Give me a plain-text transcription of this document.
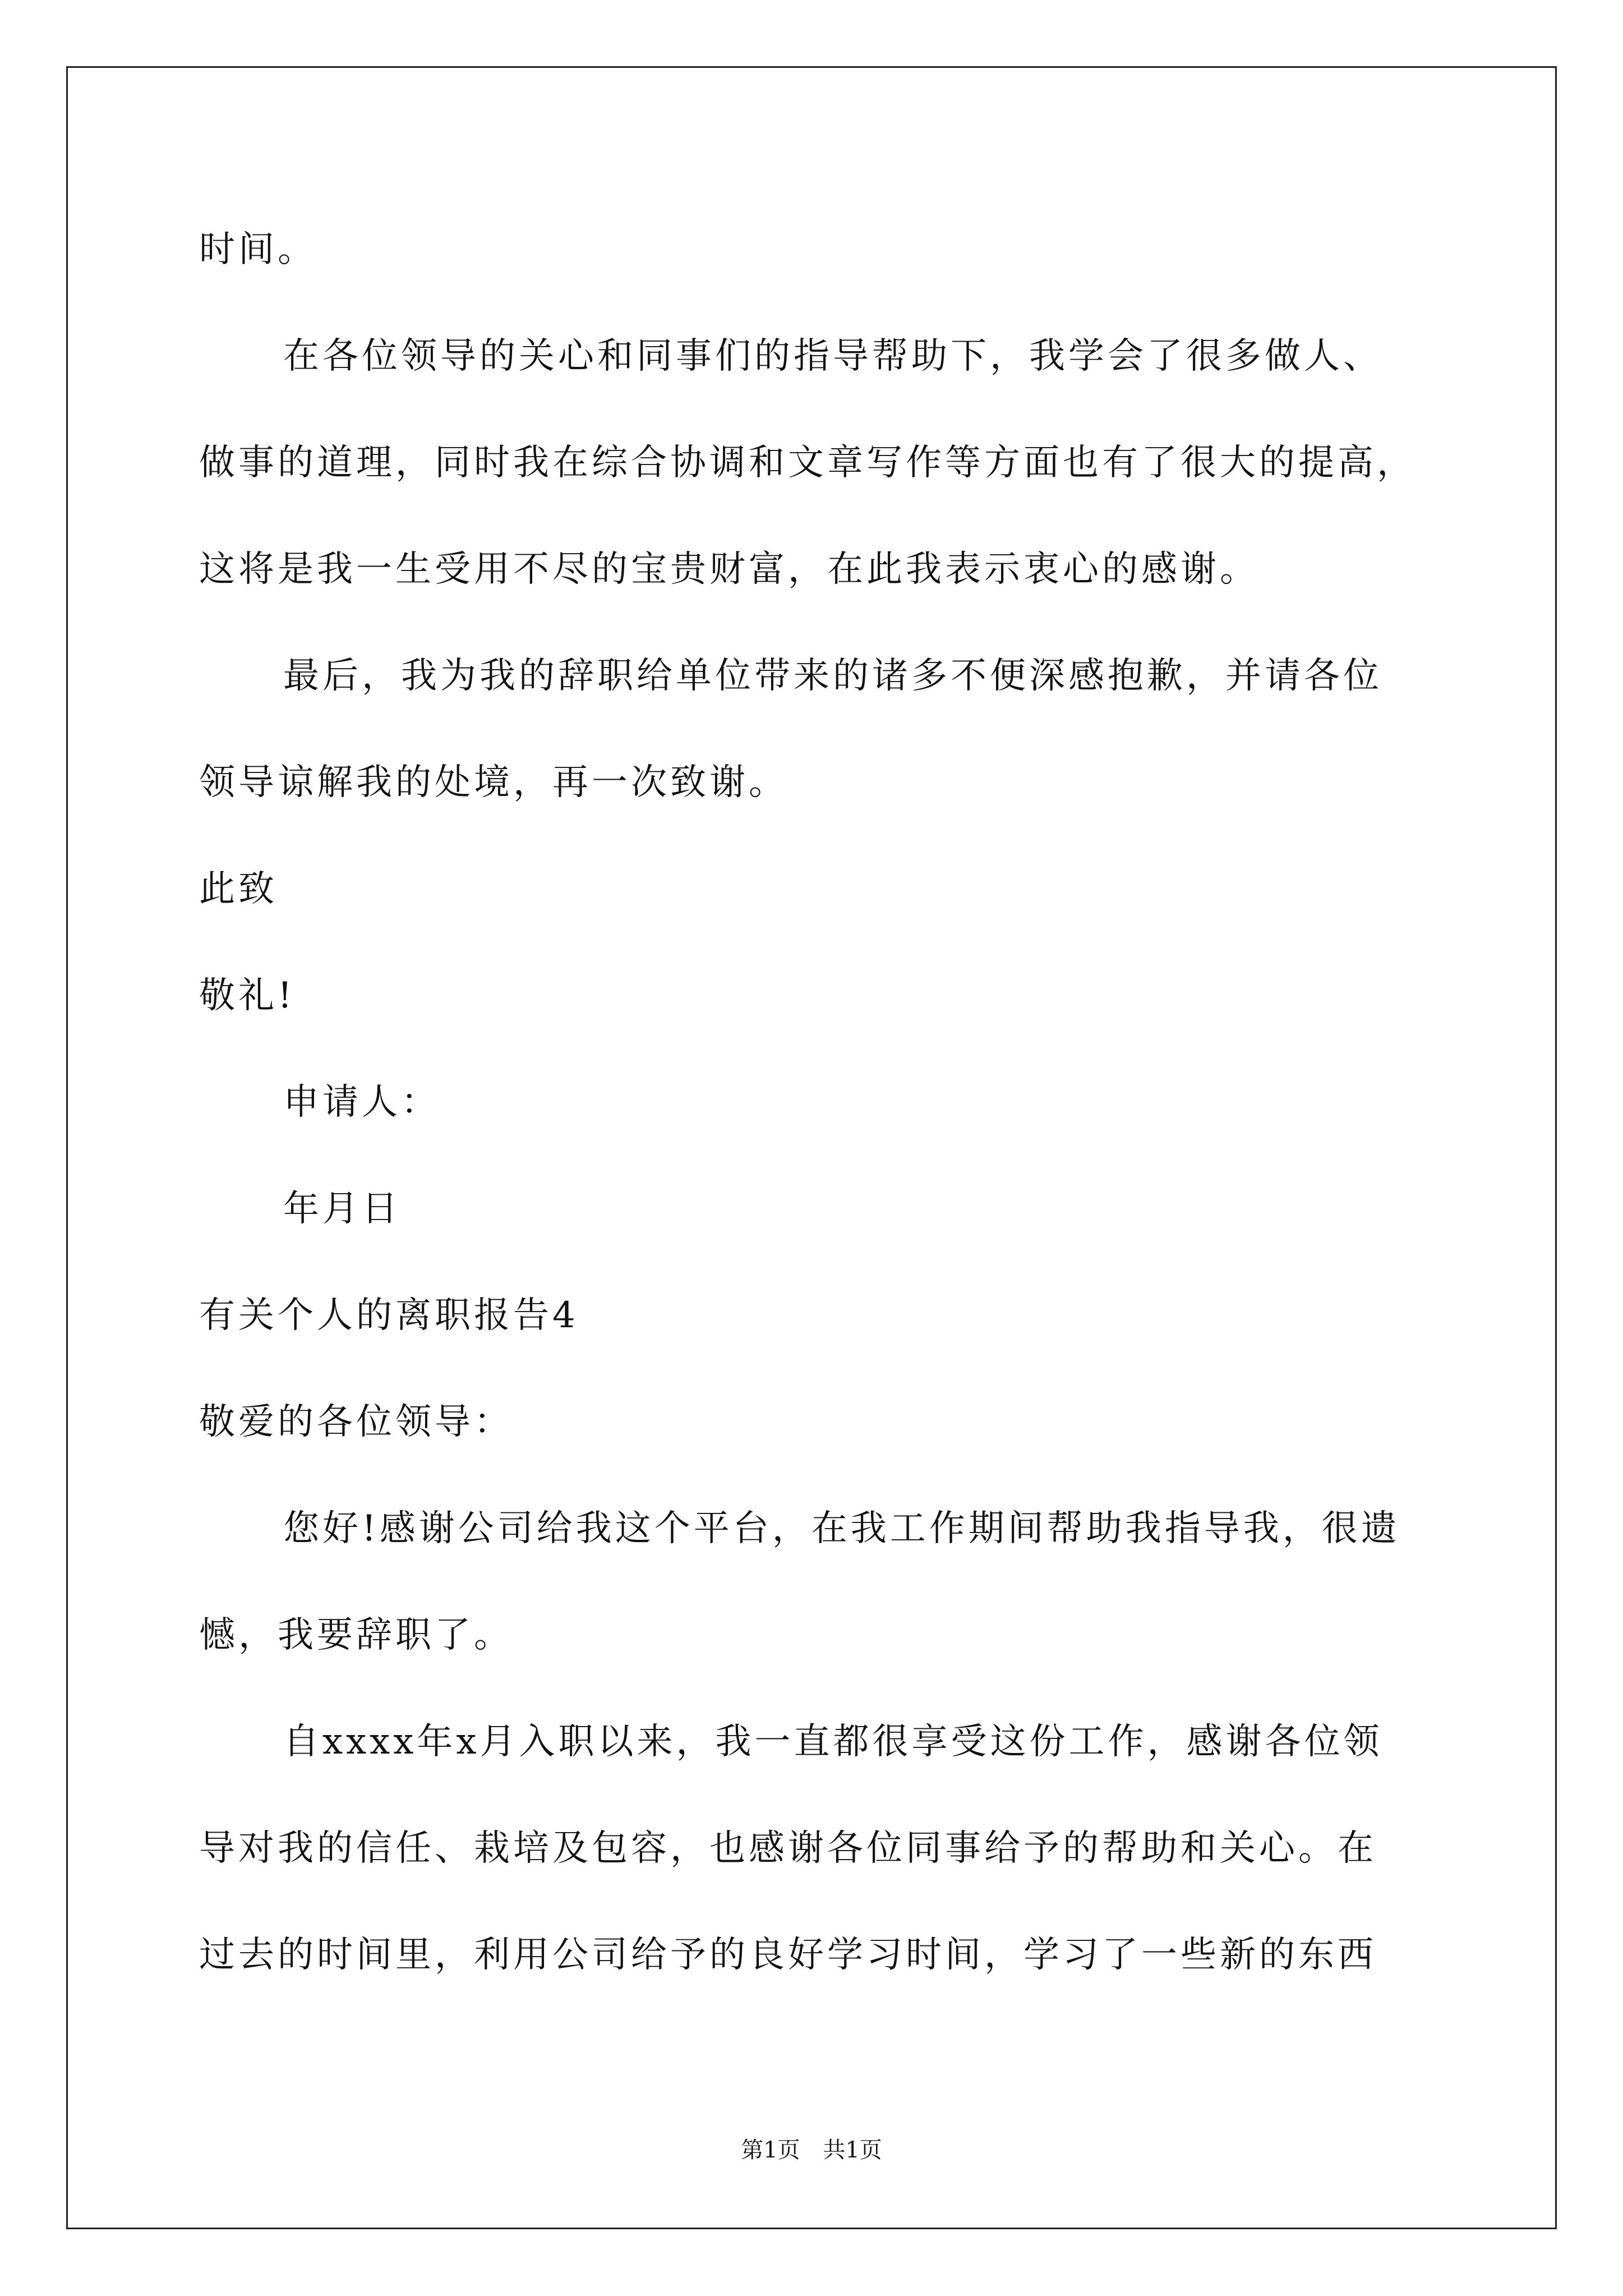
时间。
在各位领导的关心和同事们的指导帮助下，我学会了很多做人、
做事的道理，同时我在综合协调和文章写作等方面也有了很大的提高，
这将是我一生受用不尽的宝贵财富，在此我表示衷心的感谢。
最后，我为我的辞职给单位带来的诸多不便深感抱歉，并请各位
领导谅解我的处境，再一次致谢。
此致
敬礼!
申请人：
年月日
有关个人的离职报告4
敬爱的各位领导：
您好!感谢公司给我这个平台，在我工作期间帮助我指导我，很遗
憾，我要辞职了。
自xxxx年x月入职以来，我一直都很享受这份工作，感谢各位领
导对我的信任、栽培及包容，也感谢各位同事给予的帮助和关心。在
过去的时间里，利用公司给予的良好学习时间，学习了一些新的东西
第1页 共1页
